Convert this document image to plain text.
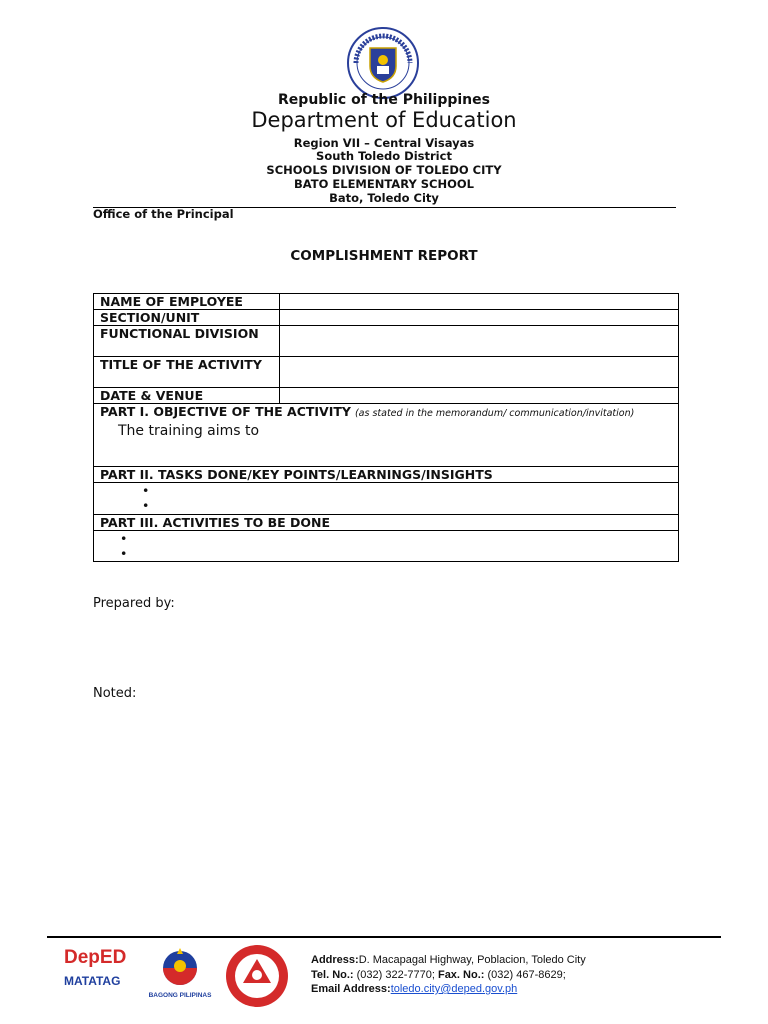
Republic of the Philippines
Department of Education
Region VII – Central Visayas
South Toledo District
SCHOOLS DIVISION OF TOLEDO CITY
BATO ELEMENTARY SCHOOL
Bato, Toledo City
Office of the Principal
COMPLISHMENT REPORT
NAME OF EMPLOYEE	
SECTION/UNIT	
FUNCTIONAL DIVISION	
TITLE OF THE ACTIVITY	
DATE & VENUE	
PART I. OBJECTIVE OF THE ACTIVITY (as stated in the memorandum/ communication/invitation)
The training aims to	

PART II. TASKS DONE/KEY POINTS/LEARNINGS/INSIGHTS	

•
•	

PART III. ACTIVITIES TO BE DONE	

•
•	
Prepared by:
Noted:
DepED
MATATAG
BAGONG PILIPINAS
Address:D. Macapagal Highway, Poblacion, Toledo City
Tel. No.: (032) 322-7770; Fax. No.: (032) 467-8629;
Email Address:toledo.city@deped.gov.ph
